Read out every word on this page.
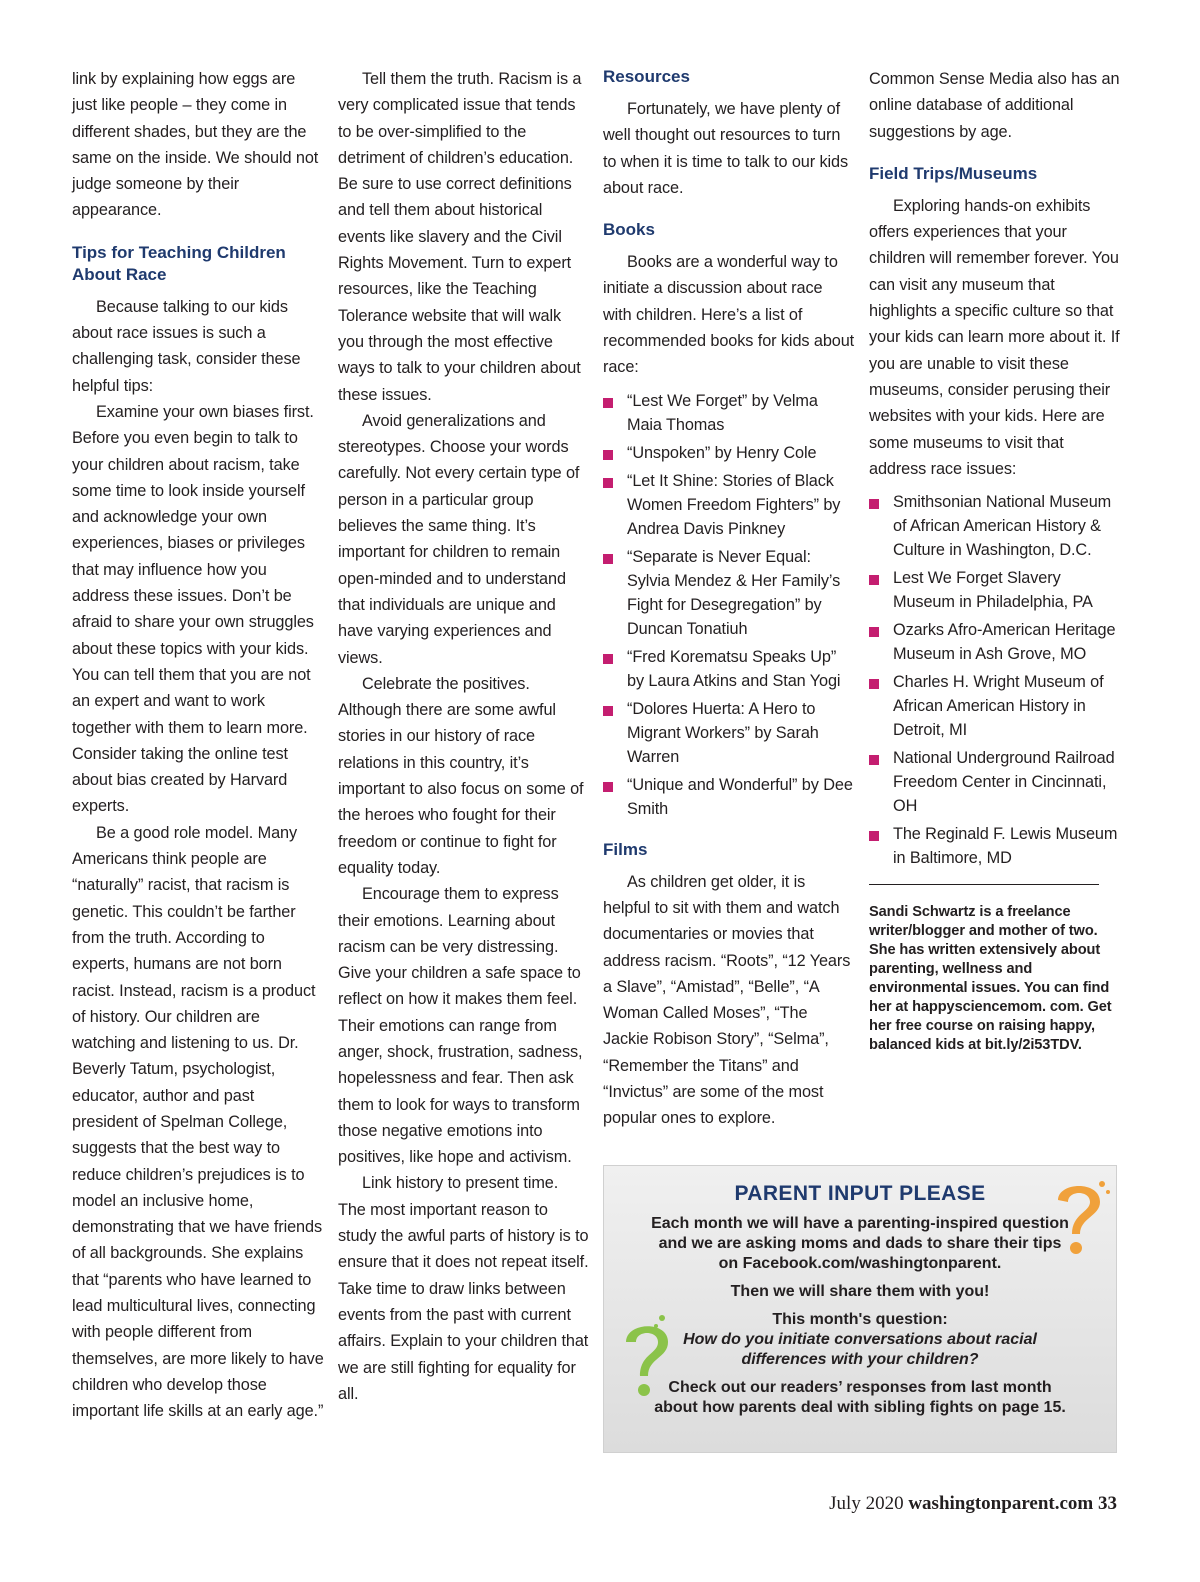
link by explaining how eggs are just like people – they come in different shades, but they are the same on the inside. We should not judge someone by their appearance.

Tips for Teaching Children About Race

Because talking to our kids about race issues is such a challenging task, consider these helpful tips:

Examine your own biases first. Before you even begin to talk to your children about racism, take some time to look inside yourself and acknowledge your own experiences, biases or privileges that may influence how you address these issues. Don’t be afraid to share your own struggles about these topics with your kids. You can tell them that you are not an expert and want to work together with them to learn more. Consider taking the online test about bias created by Harvard experts.

Be a good role model. Many Americans think people are “naturally” racist, that racism is genetic. This couldn’t be farther from the truth. According to experts, humans are not born racist. Instead, racism is a product of history. Our children are watching and listening to us. Dr. Beverly Tatum, psychologist, educator, author and past president of Spelman College, suggests that the best way to reduce children’s prejudices is to model an inclusive home, demonstrating that we have friends of all backgrounds. She explains that “parents who have learned to lead multicultural lives, connecting with people different from themselves, are more likely to have children who develop those important life skills at an early age.”

Tell them the truth. Racism is a very complicated issue that tends to be over-simplified to the detriment of children’s education. Be sure to use correct definitions and tell them about historical events like slavery and the Civil Rights Movement. Turn to expert resources, like the Teaching Tolerance website that will walk you through the most effective ways to talk to your children about these issues.

Avoid generalizations and stereotypes. Choose your words carefully. Not every certain type of person in a particular group believes the same thing. It’s important for children to remain open-minded and to understand that individuals are unique and have varying experiences and views.

Celebrate the positives. Although there are some awful stories in our history of race relations in this country, it’s important to also focus on some of the heroes who fought for their freedom or continue to fight for equality today.

Encourage them to express their emotions. Learning about racism can be very distressing. Give your children a safe space to reflect on how it makes them feel. Their emotions can range from anger, shock, frustration, sadness, hopelessness and fear. Then ask them to look for ways to transform those negative emotions into positives, like hope and activism.

Link history to present time. The most important reason to study the awful parts of history is to ensure that it does not repeat itself. Take time to draw links between events from the past with current affairs. Explain to your children that we are still fighting for equality for all.

Resources

Fortunately, we have plenty of well thought out resources to turn to when it is time to talk to our kids about race.

Books

Books are a wonderful way to initiate a discussion about race with children. Here’s a list of recommended books for kids about race:

“Lest We Forget” by Velma Maia Thomas
“Unspoken” by Henry Cole
“Let It Shine: Stories of Black Women Freedom Fighters” by Andrea Davis Pinkney
“Separate is Never Equal: Sylvia Mendez & Her Family’s Fight for Desegregation” by Duncan Tonatiuh
“Fred Korematsu Speaks Up” by Laura Atkins and Stan Yogi
“Dolores Huerta: A Hero to Migrant Workers” by Sarah Warren
“Unique and Wonderful” by Dee Smith
Films

As children get older, it is helpful to sit with them and watch documentaries or movies that address racism. “Roots”, “12 Years a Slave”, “Amistad”, “Belle”, “A Woman Called Moses”, “The Jackie Robison Story”, “Selma”, “Remember the Titans” and “Invictus” are some of the most popular ones to explore.

Common Sense Media also has an online database of additional suggestions by age.

Field Trips/Museums

Exploring hands-on exhibits offers experiences that your children will remember forever. You can visit any museum that highlights a specific culture so that your kids can learn more about it. If you are unable to visit these museums, consider perusing their websites with your kids. Here are some museums to visit that address race issues:

Smithsonian National Museum of African American History & Culture in Washington, D.C.
Lest We Forget Slavery Museum in Philadelphia, PA
Ozarks Afro-American Heritage Museum in Ash Grove, MO
Charles H. Wright Museum of African American History in Detroit, MI
National Underground Railroad Freedom Center in Cincinnati, OH
The Reginald F. Lewis Museum in Baltimore, MD

Sandi Schwartz is a freelance writer/blogger and mother of two. She has written extensively about parenting, wellness and environmental issues. You can find her at happysciencemom. com. Get her free course on raising happy, balanced kids at bit.ly/2i53TDV.

PARENT INPUT PLEASE

Each month we will have a parenting-inspired question and we are asking moms and dads to share their tips on Facebook.com/washingtonparent.

Then we will share them with you!

This month's question:
How do you initiate conversations about racial differences with your children?

Check out our readers’ responses from last month about how parents deal with sibling fights on page 15.

July 2020 washingtonparent.com 33
